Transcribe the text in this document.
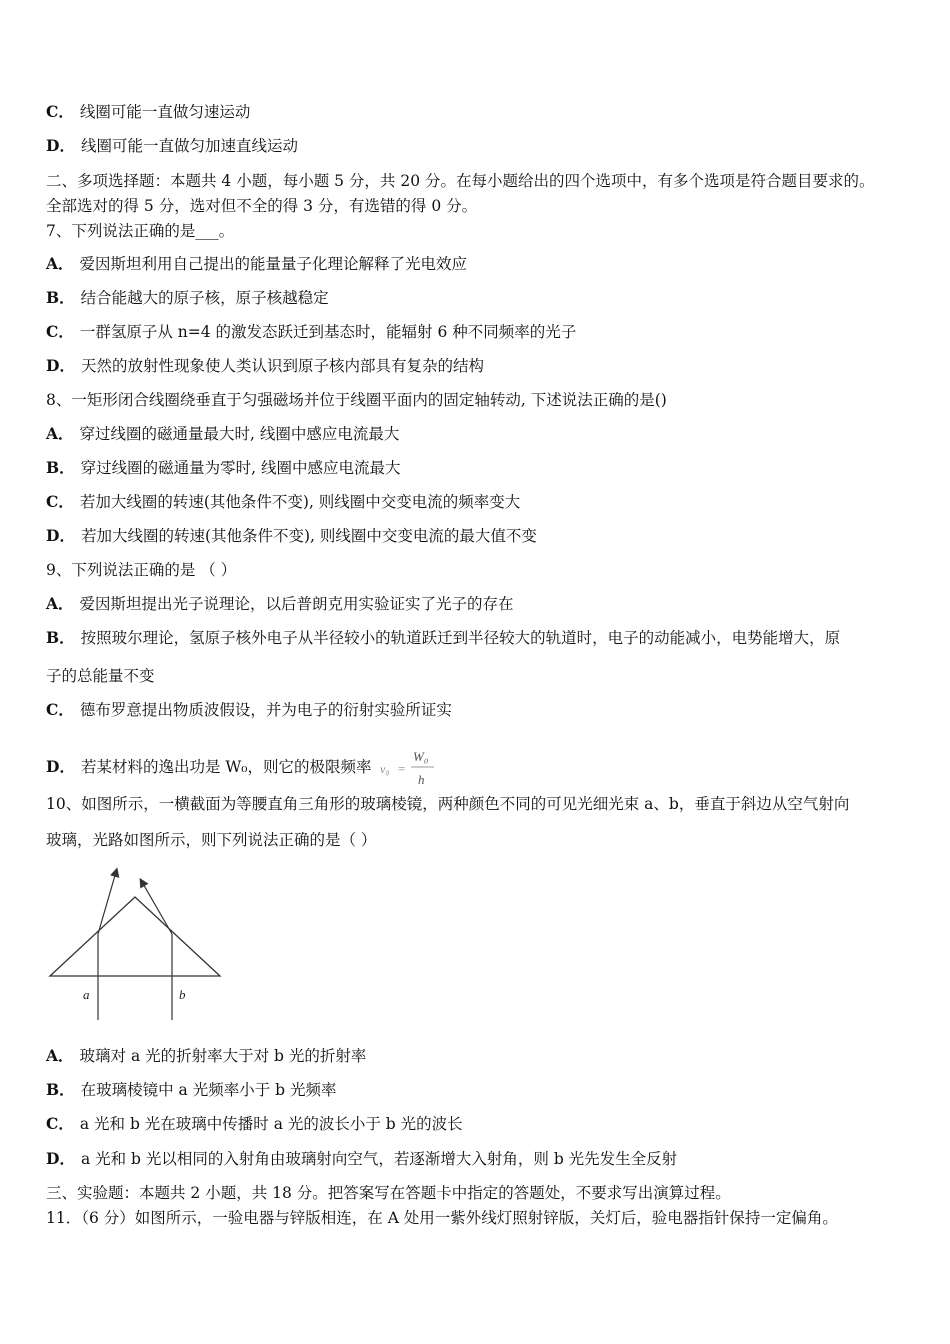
C． 线圈可能一直做匀速运动
D． 线圈可能一直做匀加速直线运动
二、多项选择题：本题共 4 小题，每小题 5 分，共 20 分。在每小题给出的四个选项中，有多个选项是符合题目要求的。
全部选对的得 5 分，选对但不全的得 3 分，有选错的得 0 分。
7、下列说法正确的是___。
A． 爱因斯坦利用自己提出的能量量子化理论解释了光电效应
B． 结合能越大的原子核，原子核越稳定
C． 一群氢原子从 n=4 的激发态跃迁到基态时，能辐射 6 种不同频率的光子
D． 天然的放射性现象使人类认识到原子核内部具有复杂的结构
8、一矩形闭合线圈绕垂直于匀强磁场并位于线圈平面内的固定轴转动, 下述说法正确的是()
A． 穿过线圈的磁通量最大时, 线圈中感应电流最大
B． 穿过线圈的磁通量为零时, 线圈中感应电流最大
C． 若加大线圈的转速(其他条件不变), 则线圈中交变电流的频率变大
D． 若加大线圈的转速(其他条件不变), 则线圈中交变电流的最大值不变
9、下列说法正确的是 （ ）
A． 爱因斯坦提出光子说理论，以后普朗克用实验证实了光子的存在
B． 按照玻尔理论，氢原子核外电子从半径较小的轨道跃迁到半径较大的轨道时，电子的动能减小，电势能增大，原
子的总能量不变
C． 德布罗意提出物质波假设，并为电子的衍射实验所证实
D． 若某材料的逸出功是 W₀，则它的极限频率 v₀ =
W₀
h
10、如图所示，一横截面为等腰直角三角形的玻璃棱镜，两种颜色不同的可见光细光束 a、b，垂直于斜边从空气射向
玻璃，光路如图所示，则下列说法正确的是（ ）
a	b
A． 玻璃对 a 光的折射率大于对 b 光的折射率
B． 在玻璃棱镜中 a 光频率小于 b 光频率
C． a 光和 b 光在玻璃中传播时 a 光的波长小于 b 光的波长
D． a 光和 b 光以相同的入射角由玻璃射向空气，若逐渐增大入射角，则 b 光先发生全反射
三、实验题：本题共 2 小题，共 18 分。把答案写在答题卡中指定的答题处，不要求写出演算过程。
11．（6 分）如图所示，一验电器与锌版相连，在 A 处用一紫外线灯照射锌版，关灯后，验电器指针保持一定偏角。
